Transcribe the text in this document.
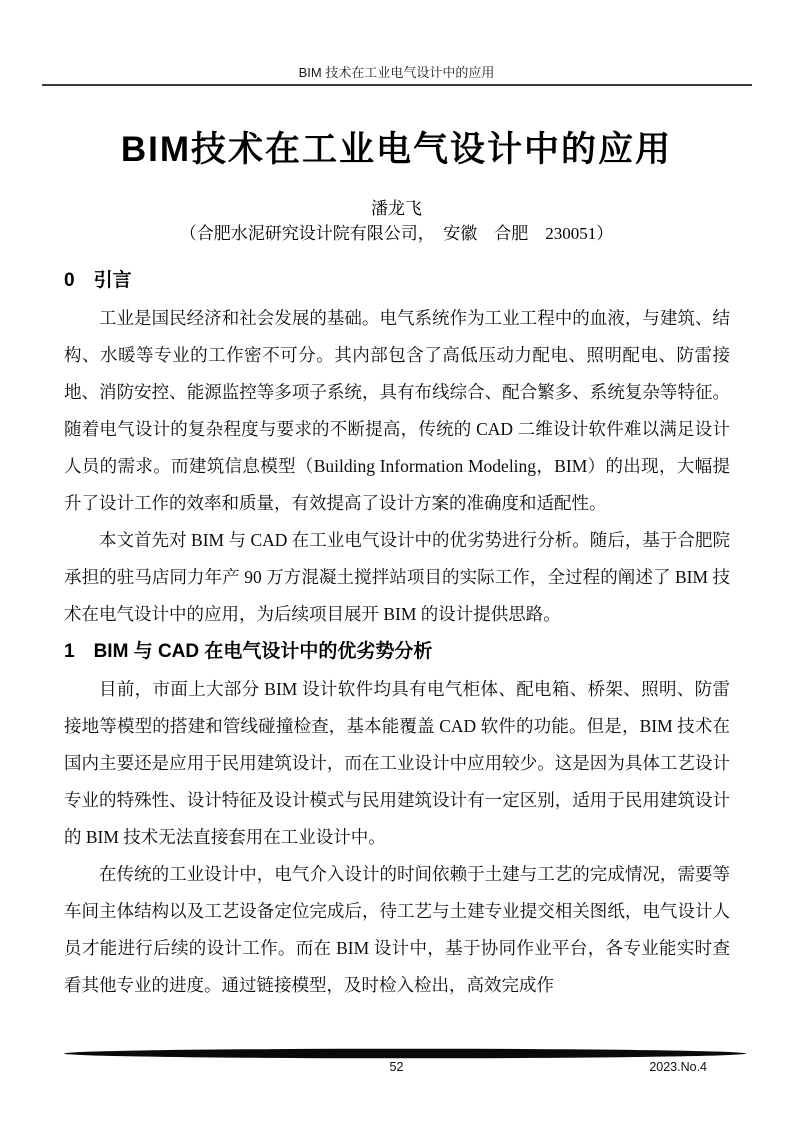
BIM 技术在工业电气设计中的应用
BIM技术在工业电气设计中的应用
潘龙飞
（合肥水泥研究设计院有限公司，　安徽　合肥　230051）
0　引言

工业是国民经济和社会发展的基础。电气系统作为工业工程中的血液，与建筑、结构、水暖等专业的工作密不可分。其内部包含了高低压动力配电、照明配电、防雷接地、消防安控、能源监控等多项子系统，具有布线综合、配合繁多、系统复杂等特征。随着电气设计的复杂程度与要求的不断提高，传统的 CAD 二维设计软件难以满足设计人员的需求。而建筑信息模型（Building Information Modeling，BIM）的出现，大幅提升了设计工作的效率和质量，有效提高了设计方案的准确度和适配性。

本文首先对 BIM 与 CAD 在工业电气设计中的优劣势进行分析。随后，基于合肥院承担的驻马店同力年产 90 万方混凝土搅拌站项目的实际工作，全过程的阐述了 BIM 技术在电气设计中的应用，为后续项目展开 BIM 的设计提供思路。

1　BIM 与 CAD 在电气设计中的优劣势分析

目前，市面上大部分 BIM 设计软件均具有电气柜体、配电箱、桥架、照明、防雷接地等模型的搭建和管线碰撞检查，基本能覆盖 CAD 软件的功能。但是，BIM 技术在国内主要还是应用于民用建筑设计，而在工业设计中应用较少。这是因为具体工艺设计专业的特殊性、设计特征及设计模式与民用建筑设计有一定区别，适用于民用建筑设计的 BIM 技术无法直接套用在工业设计中。

在传统的工业设计中，电气介入设计的时间依赖于土建与工艺的完成情况，需要等车间主体结构以及工艺设备定位完成后，待工艺与土建专业提交相关图纸，电气设计人员才能进行后续的设计工作。而在 BIM 设计中，基于协同作业平台，各专业能实时查看其他专业的进度。通过链接模型，及时检入检出，高效完成作

52	2023.No.4
